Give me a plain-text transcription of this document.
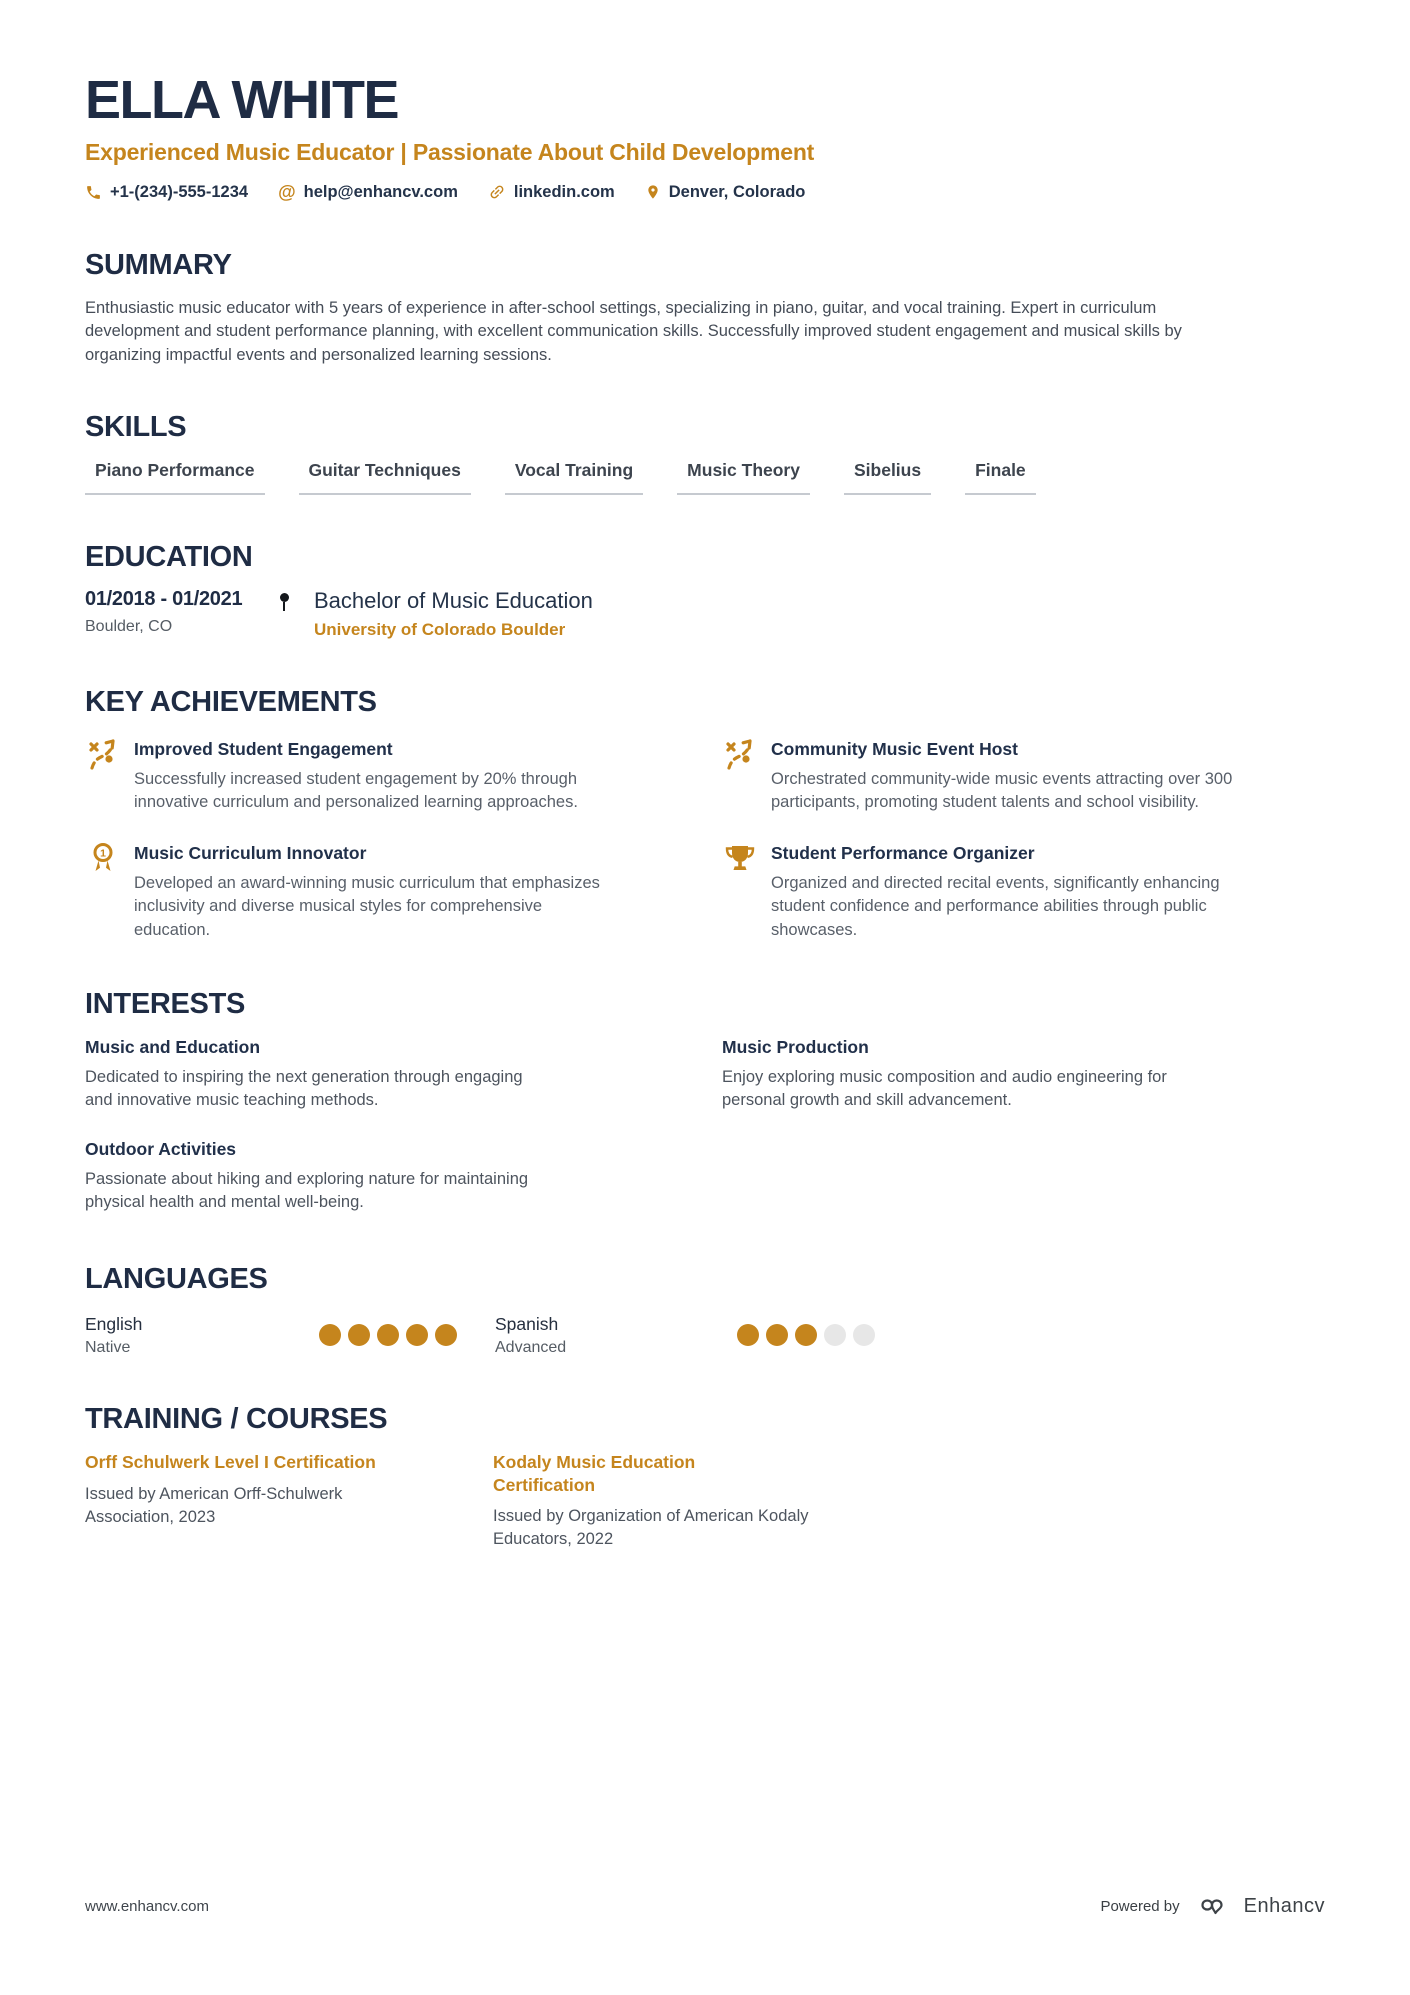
ELLA WHITE
Experienced Music Educator | Passionate About Child Development
+1-(234)-555-1234 @	help@enhancv.com	linkedin.com	Denver, Colorado
SUMMARY

Enthusiastic music educator with 5 years of experience in after-school settings, specializing in piano, guitar, and vocal training. Expert in curriculum development and student performance planning, with excellent communication skills. Successfully improved student engagement and musical skills by organizing impactful events and personalized learning sessions.

SKILLS
Piano Performance	Guitar Techniques	Vocal Training	Music Theory	Sibelius	Finale
EDUCATION
01/2018 - 01/2021
Boulder, CO
Bachelor of Music Education
University of Colorado Boulder
KEY ACHIEVEMENTS
Improved Student Engagement
Successfully increased student engagement by 20% through innovative curriculum and personalized learning approaches.
Community Music Event Host
Orchestrated community-wide music events attracting over 300 participants, promoting student talents and school visibility.
1 Music Curriculum Innovator
Developed an award-winning music curriculum that emphasizes inclusivity and diverse musical styles for comprehensive education.
Student Performance Organizer
Organized and directed recital events, significantly enhancing student confidence and performance abilities through public showcases.
INTERESTS
Music and Education
Dedicated to inspiring the next generation through engaging and innovative music teaching methods.
Music Production
Enjoy exploring music composition and audio engineering for personal growth and skill advancement.
Outdoor Activities
Passionate about hiking and exploring nature for maintaining physical health and mental well-being.
LANGUAGES
English
Native
Spanish
Advanced
TRAINING / COURSES
Orff Schulwerk Level I Certification
Issued by American Orff-Schulwerk Association, 2023
Kodaly Music Education Certification
Issued by Organization of American Kodaly Educators, 2022
www.enhancv.com	Powered by	Enhancv
